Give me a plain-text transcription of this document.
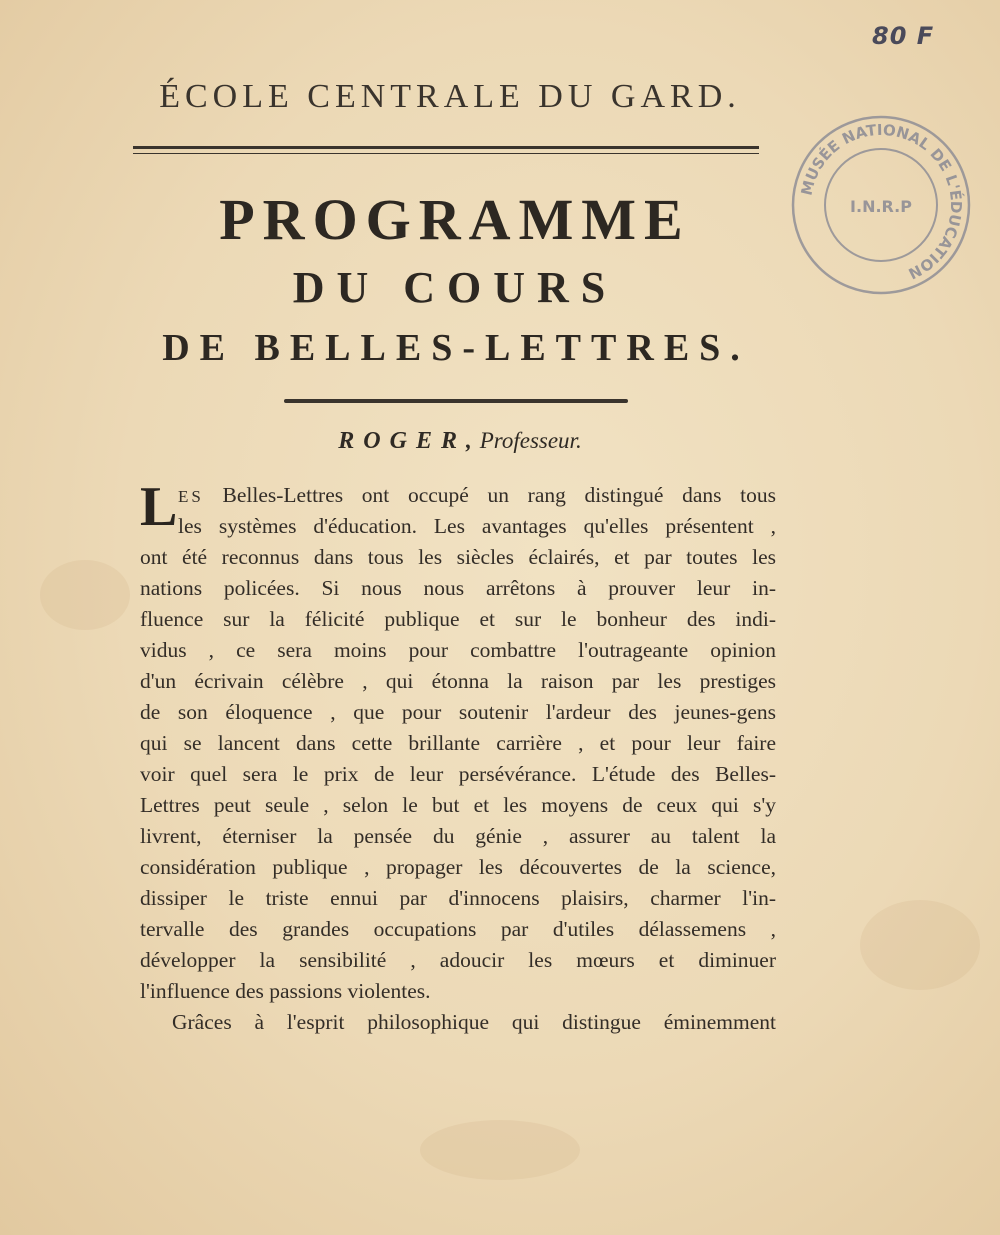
80 F
MUSÉE NATIONAL DE L'ÉDUCATION
I.N.R.P
ÉCOLE CENTRALE DU GARD.
PROGRAMME
DU COURS
DE BELLES-LETTRES.
ROGER, Professeur.
L ES Belles-Lettres ont occupé un rang distingué dans tous
les systèmes d'éducation. Les avantages qu'elles présentent ,
ont été reconnus dans tous les siècles éclairés, et par toutes les
nations policées. Si nous nous arrêtons à prouver leur in-
fluence sur la félicité publique et sur le bonheur des indi-
vidus , ce sera moins pour combattre l'outrageante opinion
d'un écrivain célèbre , qui étonna la raison par les prestiges
de son éloquence , que pour soutenir l'ardeur des jeunes-gens
qui se lancent dans cette brillante carrière , et pour leur faire
voir quel sera le prix de leur persévérance. L'étude des Belles-
Lettres peut seule , selon le but et les moyens de ceux qui s'y
livrent, éterniser la pensée du génie , assurer au talent la
considération publique , propager les découvertes de la science,
dissiper le triste ennui par d'innocens plaisirs, charmer l'in-
tervalle des grandes occupations par d'utiles délassemens ,
développer la sensibilité , adoucir les mœurs et diminuer
l'influence des passions violentes.
Grâces à l'esprit philosophique qui distingue éminemment
